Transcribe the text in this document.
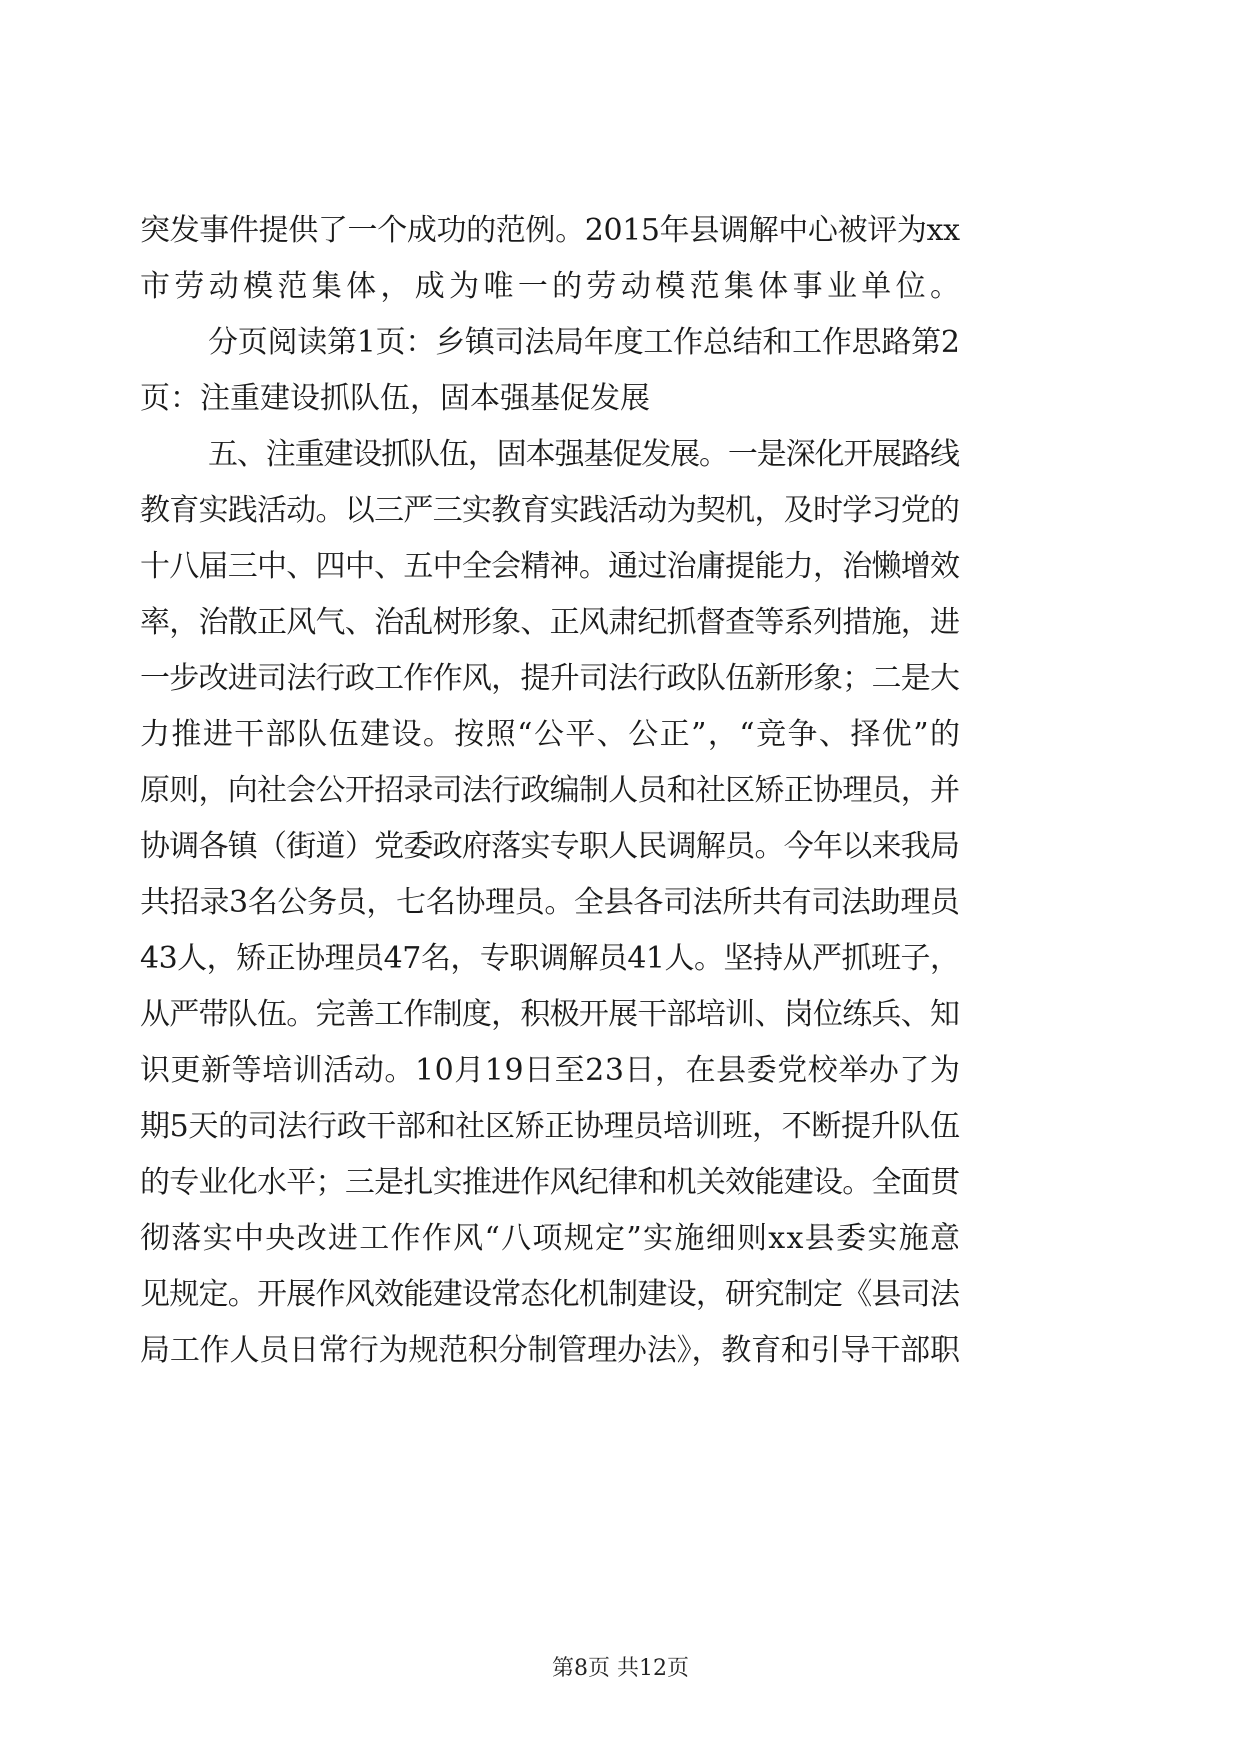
突发事件提供了一个成功的范例。2015年县调解中心被评为xx
市劳动模范集体，成为唯一的劳动模范集体事业单位。
分页阅读第1页：乡镇司法局年度工作总结和工作思路第2
页：注重建设抓队伍，固本强基促发展
五、注重建设抓队伍，固本强基促发展。一是深化开展路线
教育实践活动。以三严三实教育实践活动为契机，及时学习党的
十八届三中、四中、五中全会精神。通过治庸提能力，治懒增效
率，治散正风气、治乱树形象、正风肃纪抓督查等系列措施，进
一步改进司法行政工作作风，提升司法行政队伍新形象；二是大
力推进干部队伍建设。按照“公平、公正”，“竞争、择优”的
原则，向社会公开招录司法行政编制人员和社区矫正协理员，并
协调各镇（街道）党委政府落实专职人民调解员。今年以来我局
共招录3名公务员，七名协理员。全县各司法所共有司法助理员
43人，矫正协理员47名，专职调解员41人。坚持从严抓班子，
从严带队伍。完善工作制度，积极开展干部培训、岗位练兵、知
识更新等培训活动。10月19日至23日，在县委党校举办了为
期5天的司法行政干部和社区矫正协理员培训班，不断提升队伍
的专业化水平；三是扎实推进作风纪律和机关效能建设。全面贯
彻落实中央改进工作作风“八项规定”实施细则xx县委实施意
见规定。开展作风效能建设常态化机制建设，研究制定《县司法
局工作人员日常行为规范积分制管理办法》，教育和引导干部职
第8页 共12页
